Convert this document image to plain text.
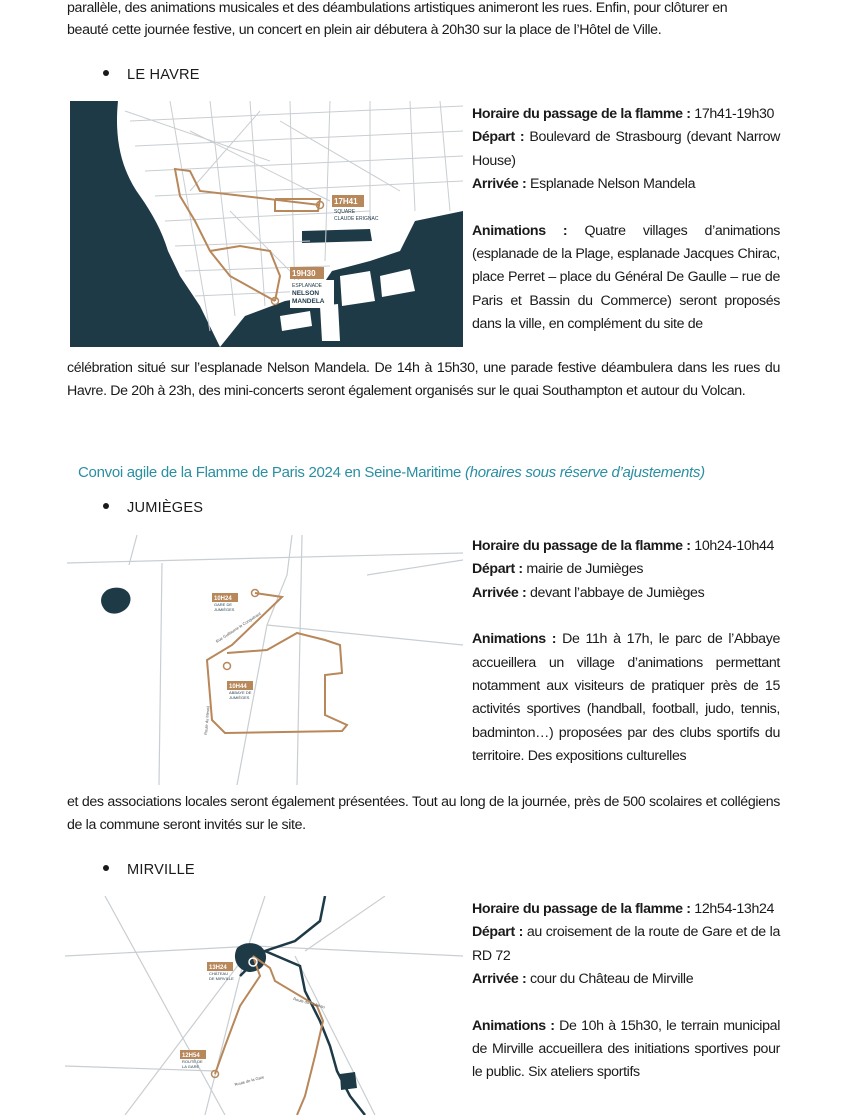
parallèle, des animations musicales et des déambulations artistiques animeront les rues. Enfin, pour clôturer en

beauté cette journée festive, un concert en plein air débutera à 20h30 sur la place de l’Hôtel de Ville.

LE HAVRE
17H41
SQUARE
CLAUDE ERIGNAC
19H30
ESPLANADE
NELSON
MANDELA

Horaire du passage de la flamme : 17h41-19h30

Départ : Boulevard de Strasbourg (devant Narrow House)

Arrivée : Esplanade Nelson Mandela

Animations : Quatre villages d’animations (esplanade de la Plage, esplanade Jacques Chirac, place Perret – place du Général De Gaulle – rue de Paris et Bassin du Commerce) seront proposés dans la ville, en complément du site de

célébration situé sur l’esplanade Nelson Mandela. De 14h à 15h30, une parade festive déambulera dans les rues du Havre. De 20h à 23h, des mini-concerts seront également organisés sur le quai Southampton et autour du Volcan.

Convoi agile de la Flamme de Paris 2024 en Seine-Maritime (horaires sous réserve d’ajustements)
JUMIÈGES
10H24
GARE DE
JUMIÈGES
10H44
ABBAYE DE
JUMIÈGES
Rue Guillaume le Conquérant
Route du Mesnil

Horaire du passage de la flamme : 10h24-10h44

Départ : mairie de Jumièges

Arrivée : devant l’abbaye de Jumièges

Animations : De 11h à 17h, le parc de l’Abbaye accueillera un village d’animations permettant notamment aux visiteurs de pratiquer près de 15 activités sportives (handball, football, judo, tennis, badminton…) proposées par des clubs sportifs du territoire. Des expositions culturelles

et des associations locales seront également présentées. Tout au long de la journée, près de 500 scolaires et collégiens de la commune seront invités sur le site.

MIRVILLE
13H24
CHÂTEAU
DE MIRVILLE
12H54
ROUTE DE
LA GARE
Route du Château
Route de la Gare

Horaire du passage de la flamme : 12h54-13h24

Départ : au croisement de la route de Gare et de la RD 72

Arrivée : cour du Château de Mirville

Animations : De 10h à 15h30, le terrain municipal de Mirville accueillera des initiations sportives pour le public. Six ateliers sportifs
